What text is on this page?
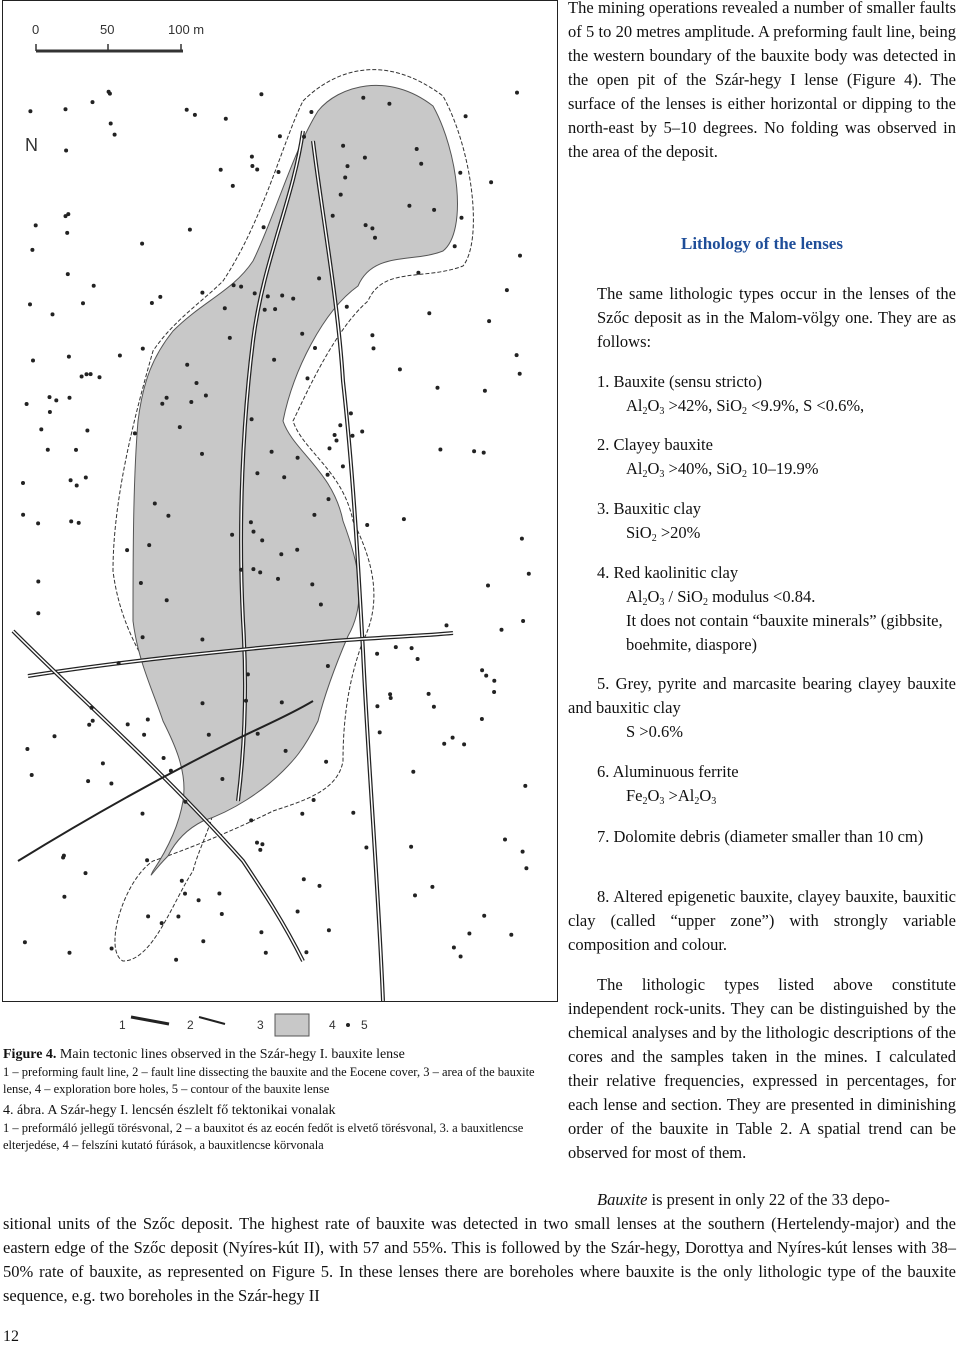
0	50	100 m
N
1	2	3	4 5

Figure 4. Main tectonic lines observed in the Szár-hegy I. bauxite lense

1 – preforming fault line, 2 – fault line dissecting the bauxite and the Eocene cover, 3 – area of the bauxite lense, 4 – exploration bore holes, 5 – contour of the bauxite lense

4. ábra. A Szár-hegy I. lencsén észlelt fő tektonikai vonalak

1 – preformáló jellegű törésvonal, 2 – a bauxitot és az eocén fedőt is elvető törésvonal, 3. a bauxitlencse elterjedése, 4 – felszíni kutató fúrások, a bauxitlencse körvonala

The mining operations revealed a number of smaller faults of 5 to 20 metres amplitude. A preforming fault line, being the western boundary of the bauxite body was detected in the open pit of the Szár-hegy I lense (Figure 4). The surface of the lenses is either horizontal or dipping to the north-east by 5–10 degrees. No folding was observed in the area of the deposit.
Lithology of the lenses
The same lithologic types occur in the lenses of the Szőc deposit as in the Malom-völgy one. They are as follows:
1. Bauxite (sensu stricto)
$Al_2O_3 >42\%$, SiO$_2$ <9.9%, S <0.6%,
2. Clayey bauxite
$Al_2O_3 >40\%$, SiO$_2$ 10–19.9%
3. Bauxitic clay
SiO$_2$ >20%
4. Red kaolinitic clay
$Al_2O_3 / SiO_2$ modulus <0.84.
It does not contain “bauxite minerals” (gibbsite, boehmite, diaspore)
5. Grey, pyrite and marcasite bearing clayey bauxite and bauxitic clay
S >0.6%
6. Aluminuous ferrite
$Fe_2O_3 >Al_2O_3$
7. Dolomite debris (diameter smaller than 10 cm)
8. Altered epigenetic bauxite, clayey bauxite, bauxitic clay (called “upper zone”) with strongly variable composition and colour.
The lithologic types listed above constitute independent rock-units. They can be distinguished by the chemical analyses and by the lithologic descriptions of the cores and the samples taken in the mines. I calculated their relative frequencies, expressed in percentages, for each lense and section. They are presented in diminishing order of the bauxite in Table 2. A spatial trend can be observed for most of them.
Bauxite is present in only 22 of the 33 depo-
sitional units of the Szőc deposit. The highest rate of bauxite was detected in two small lenses at the southern (Hertelendy-major) and the eastern edge of the Szőc deposit (Nyíres-kút II), with 57 and 55%. This is followed by the Szár-hegy, Dorottya and Nyíres-kút lenses with 38–50% rate of bauxite, as represented on Figure 5. In these lenses there are boreholes where bauxite is the only lithologic type of the bauxite sequence, e.g. two boreholes in the Szár-hegy II
12
